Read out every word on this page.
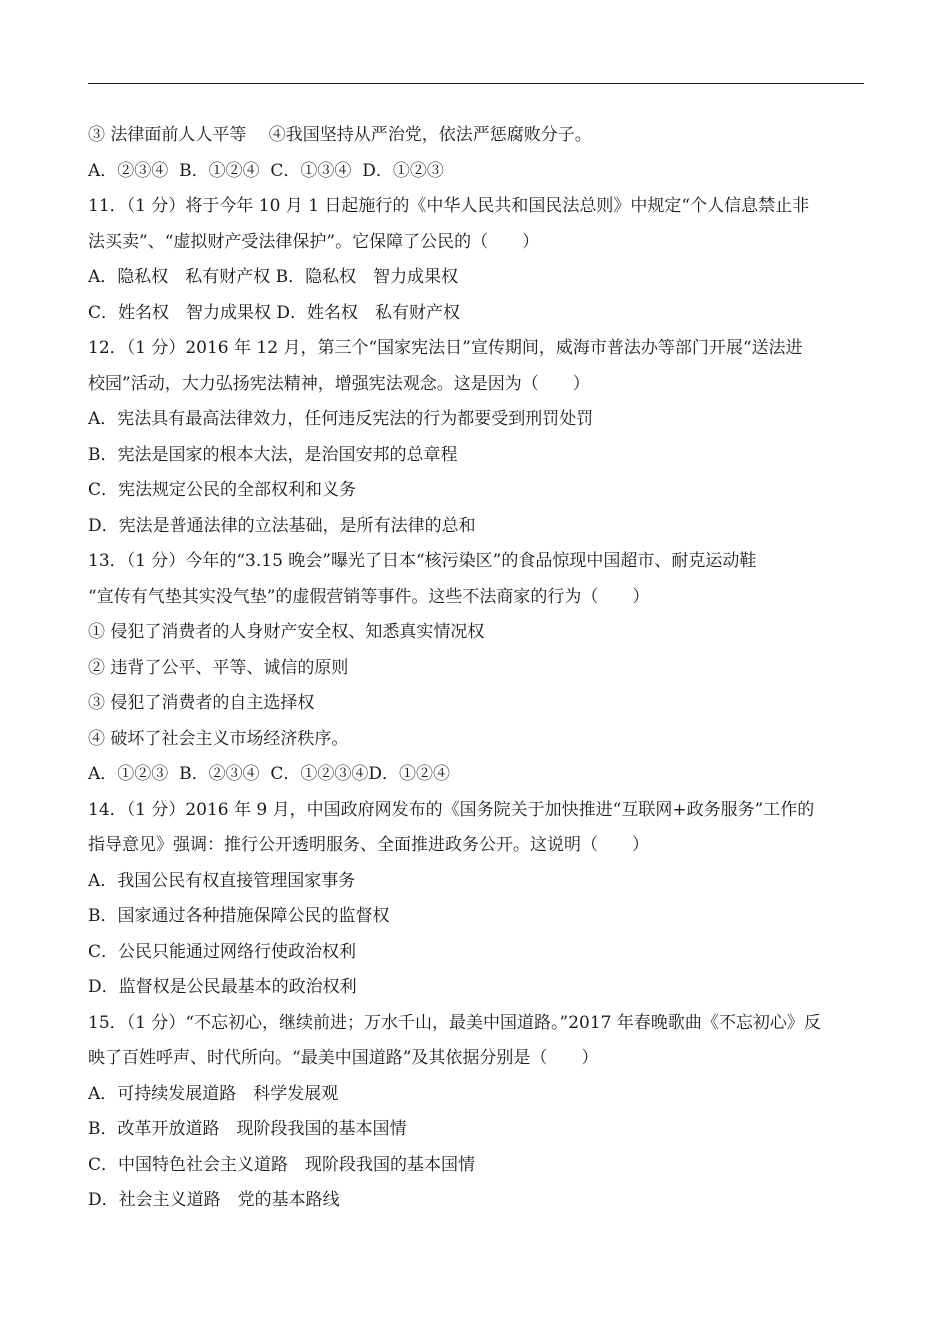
③ 法律面前人人平等　 ④我国坚持从严治党，依法严惩腐败分子。
A．②③④  B．①②④  C．①③④  D．①②③
11．（1 分）将于今年 10 月 1 日起施行的《中华人民共和国民法总则》中规定“个人信息禁止非
法买卖”、“虚拟财产受法律保护”。它保障了公民的（　　）
A．隐私权　私有财产权 B．隐私权　智力成果权
C．姓名权　智力成果权 D．姓名权　私有财产权
12．（1 分）2016 年 12 月，第三个“国家宪法日”宣传期间，威海市普法办等部门开展“送法进
校园”活动，大力弘扬宪法精神，增强宪法观念。这是因为（　　）
A．宪法具有最高法律效力，任何违反宪法的行为都要受到刑罚处罚
B．宪法是国家的根本大法，是治国安邦的总章程
C．宪法规定公民的全部权利和义务
D．宪法是普通法律的立法基础，是所有法律的总和
13．（1 分）今年的“3.15 晚会”曝光了日本“核污染区”的食品惊现中国超市、耐克运动鞋
“宣传有气垫其实没气垫”的虚假营销等事件。这些不法商家的行为（　　）
① 侵犯了消费者的人身财产安全权、知悉真实情况权
② 违背了公平、平等、诚信的原则
③ 侵犯了消费者的自主选择权
④ 破坏了社会主义市场经济秩序。
A．①②③  B．②③④  C．①②③④D．①②④
14．（1 分）2016 年 9 月，中国政府网发布的《国务院关于加快推进“互联网+政务服务”工作的
指导意见》强调：推行公开透明服务、全面推进政务公开。这说明（　　）
A．我国公民有权直接管理国家事务
B．国家通过各种措施保障公民的监督权
C．公民只能通过网络行使政治权利
D．监督权是公民最基本的政治权利
15．（1 分）“不忘初心，继续前进；万水千山，最美中国道路。”2017 年春晚歌曲《不忘初心》反
映了百姓呼声、时代所向。“最美中国道路”及其依据分别是（　　）
A．可持续发展道路　科学发展观
B．改革开放道路　现阶段我国的基本国情
C．中国特色社会主义道路　现阶段我国的基本国情
D．社会主义道路　党的基本路线
